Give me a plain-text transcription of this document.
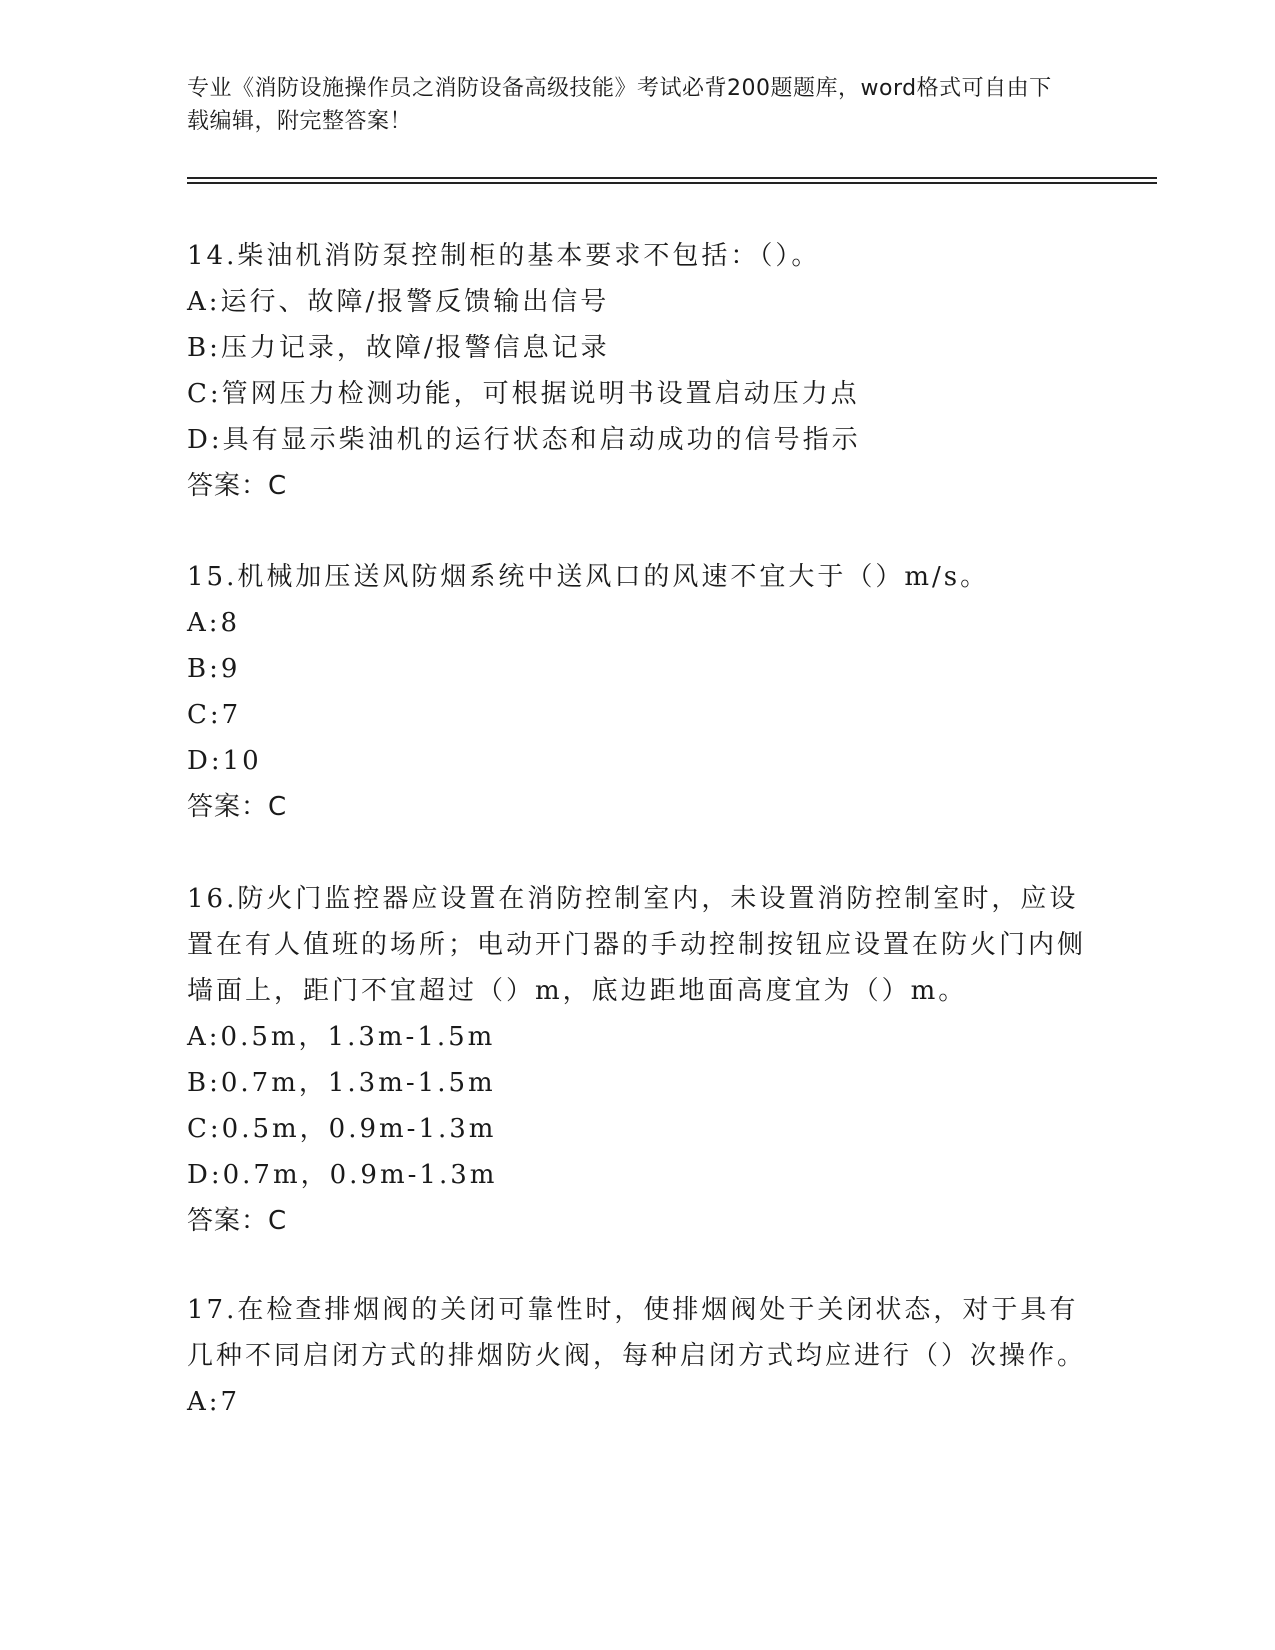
专业《消防设施操作员之消防设备高级技能》考试必背200题题库，word格式可自由下载编辑，附完整答案！

14.柴油机消防泵控制柜的基本要求不包括：（）。

A:运行、故障/报警反馈输出信号

B:压力记录，故障/报警信息记录

C:管网压力检测功能，可根据说明书设置启动压力点

D:具有显示柴油机的运行状态和启动成功的信号指示

答案：C

15.机械加压送风防烟系统中送风口的风速不宜大于（）m/s。

A:8

B:9

C:7

D:10

答案：C

16.防火门监控器应设置在消防控制室内，未设置消防控制室时，应设置在有人值班的场所；电动开门器的手动控制按钮应设置在防火门内侧墙面上，距门不宜超过（）m，底边距地面高度宜为（）m。

A:0.5m，1.3m-1.5m

B:0.7m，1.3m-1.5m

C:0.5m，0.9m-1.3m

D:0.7m，0.9m-1.3m

答案：C

17.在检查排烟阀的关闭可靠性时，使排烟阀处于关闭状态，对于具有几种不同启闭方式的排烟防火阀，每种启闭方式均应进行（）次操作。

A:7
